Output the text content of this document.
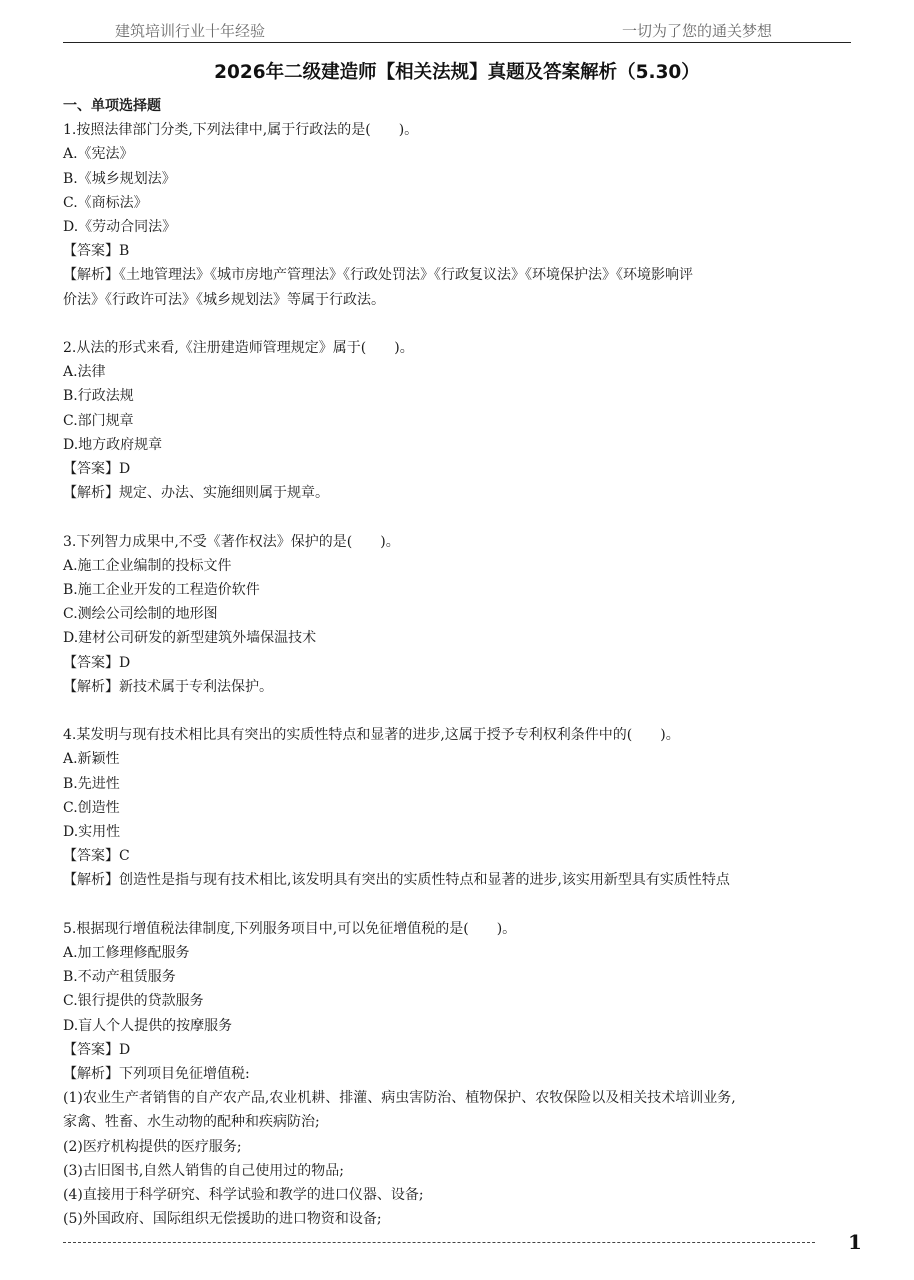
建筑培训行业十年经验	一切为了您的通关梦想
2026年二级建造师【相关法规】真题及答案解析（5.30）
一、单项选择题
1.按照法律部门分类,下列法律中,属于行政法的是(　　)。
A.《宪法》
B.《城乡规划法》
C.《商标法》
D.《劳动合同法》
【答案】B
【解析】《土地管理法》《城市房地产管理法》《行政处罚法》《行政复议法》《环境保护法》《环境影响评
价法》《行政许可法》《城乡规划法》等属于行政法。
2.从法的形式来看,《注册建造师管理规定》属于(　　)。
A.法律
B.行政法规
C.部门规章
D.地方政府规章
【答案】D
【解析】规定、办法、实施细则属于规章。
3.下列智力成果中,不受《著作权法》保护的是(　　)。
A.施工企业编制的投标文件
B.施工企业开发的工程造价软件
C.测绘公司绘制的地形图
D.建材公司研发的新型建筑外墙保温技术
【答案】D
【解析】新技术属于专利法保护。
4.某发明与现有技术相比具有突出的实质性特点和显著的进步,这属于授予专利权利条件中的(　　)。
A.新颖性
B.先进性
C.创造性
D.实用性
【答案】C
【解析】创造性是指与现有技术相比,该发明具有突出的实质性特点和显著的进步,该实用新型具有实质性特点
5.根据现行增值税法律制度,下列服务项目中,可以免征增值税的是(　　)。
A.加工修理修配服务
B.不动产租赁服务
C.银行提供的贷款服务
D.盲人个人提供的按摩服务
【答案】D
【解析】下列项目免征增值税:
(1)农业生产者销售的自产农产品,农业机耕、排灌、病虫害防治、植物保护、农牧保险以及相关技术培训业务,
家禽、牲畜、水生动物的配种和疾病防治;
(2)医疗机构提供的医疗服务;
(3)古旧图书,自然人销售的自己使用过的物品;
(4)直接用于科学研究、科学试验和教学的进口仪器、设备;
(5)外国政府、国际组织无偿援助的进口物资和设备;
1
